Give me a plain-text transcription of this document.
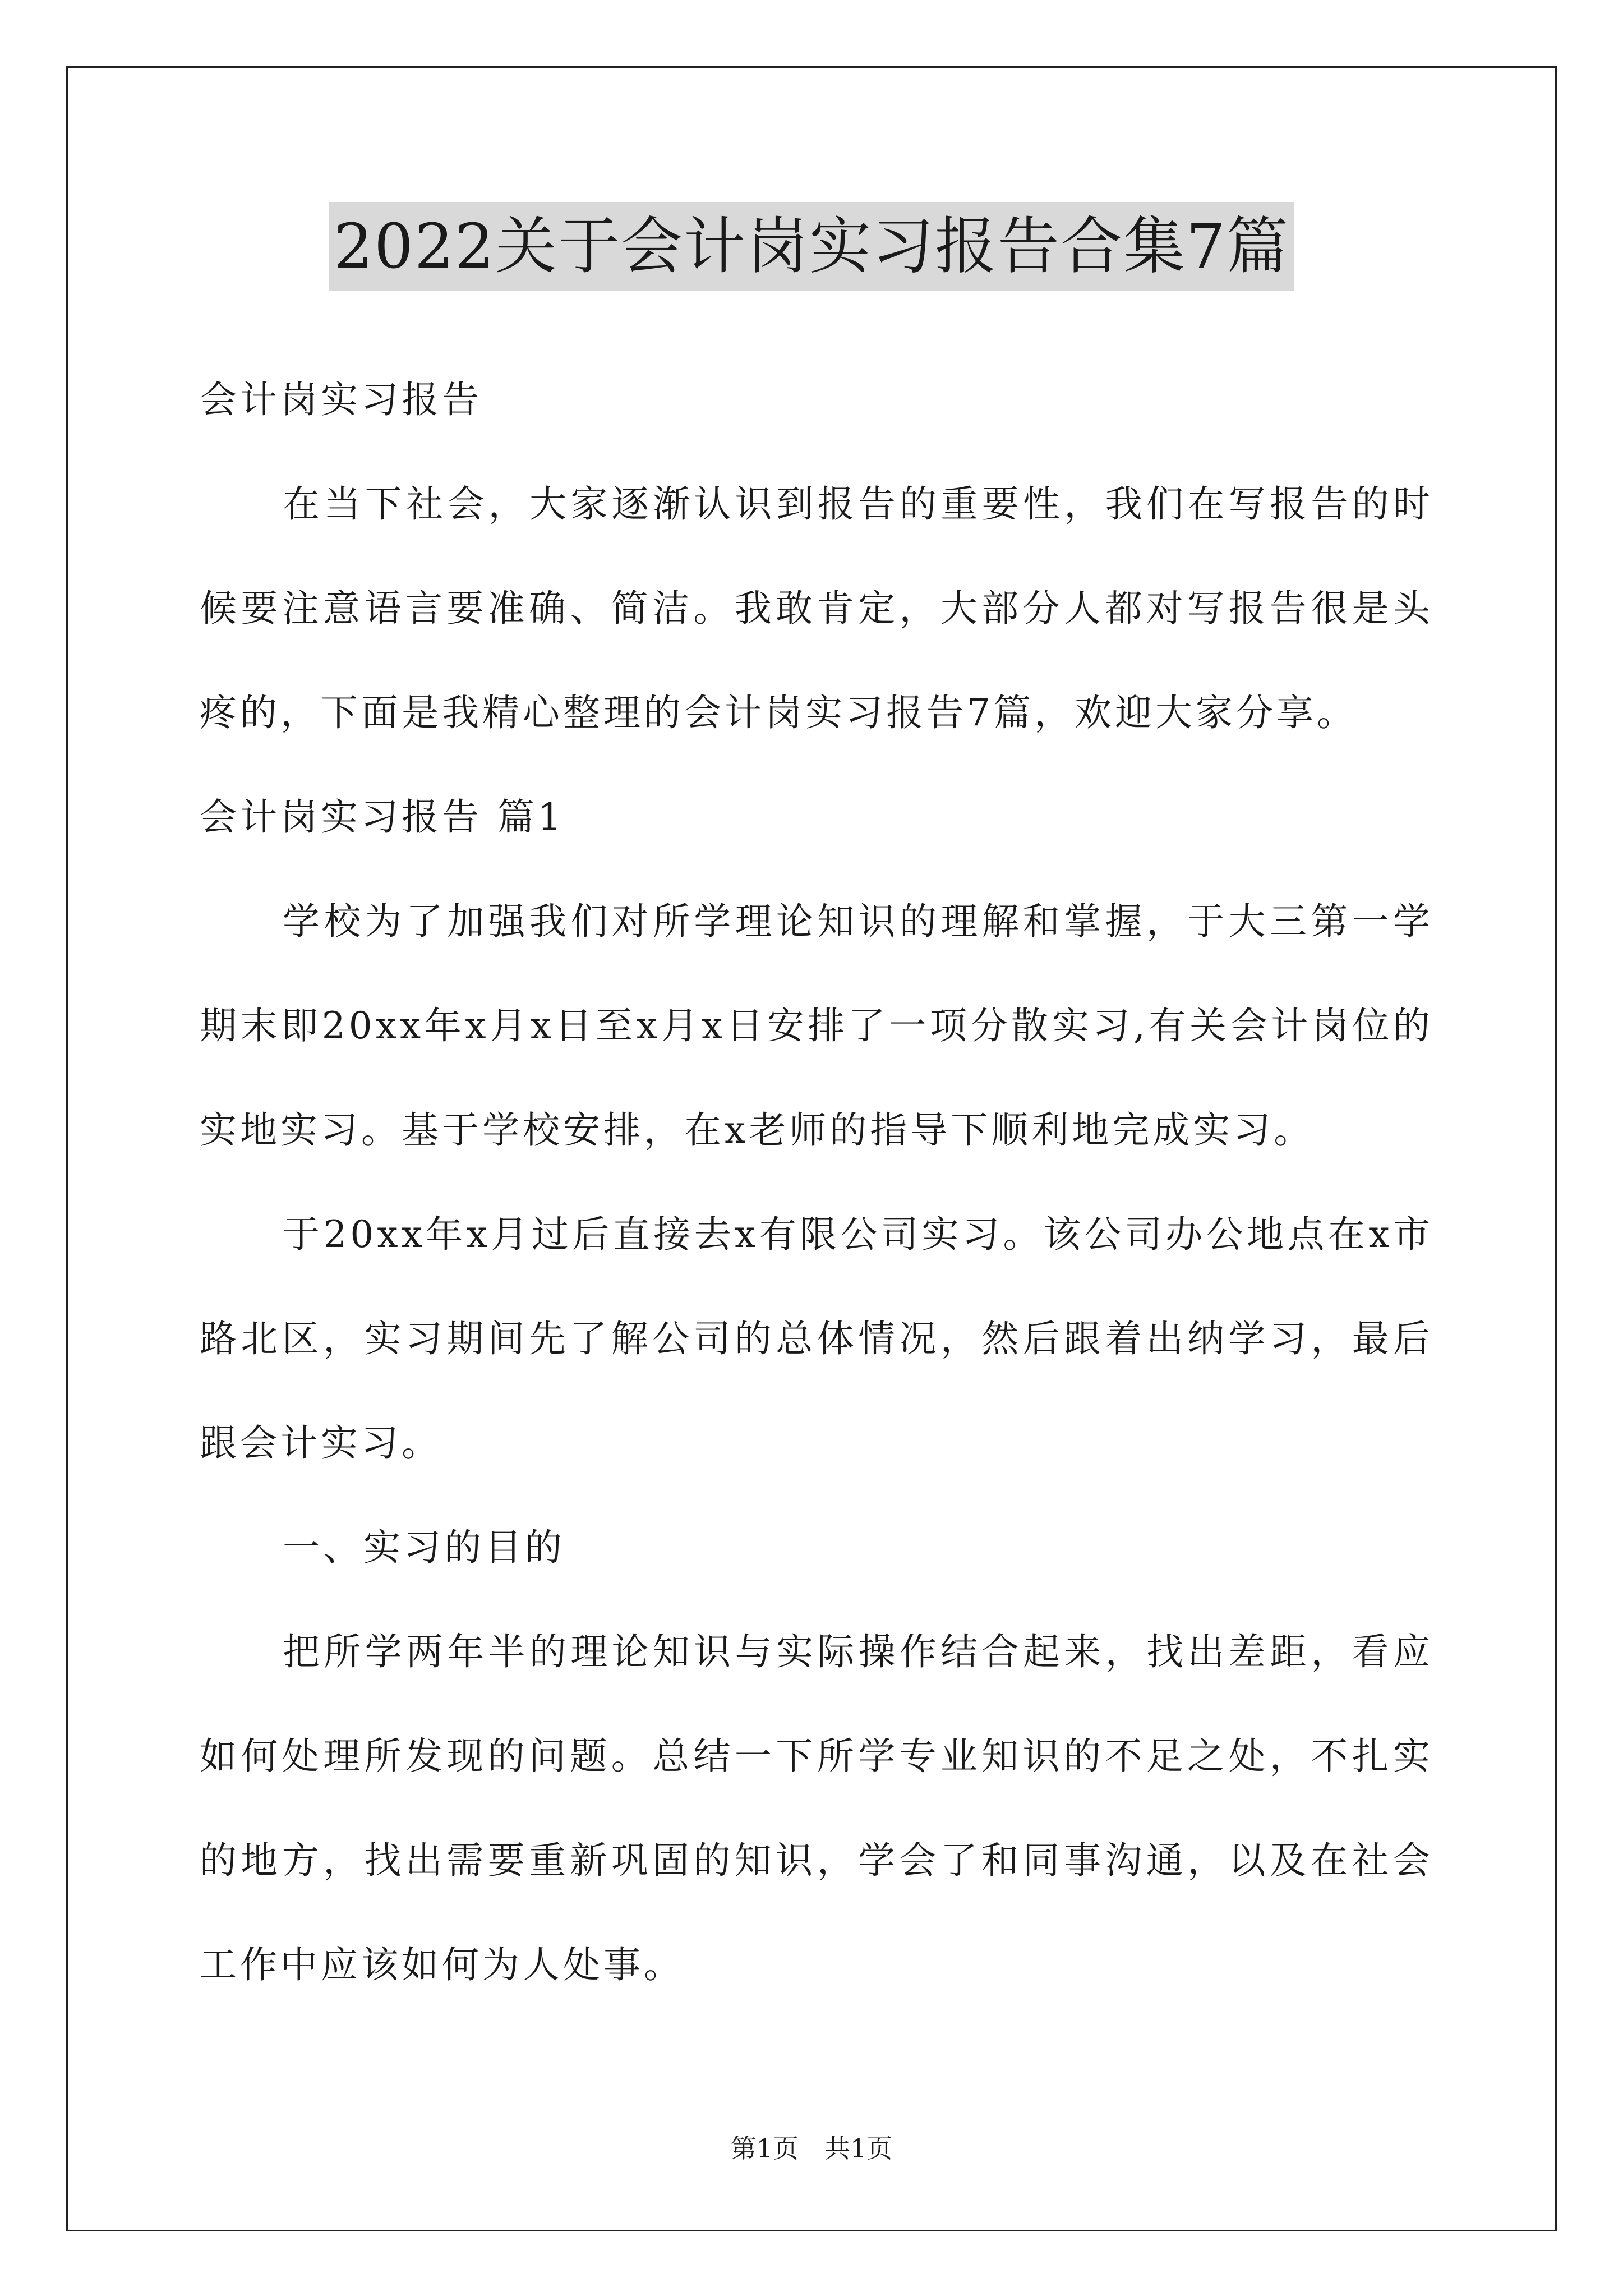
2022关于会计岗实习报告合集7篇

会计岗实习报告

在当下社会，大家逐渐认识到报告的重要性，我们在写报告的时候要注意语言要准确、简洁。我敢肯定，大部分人都对写报告很是头疼的，下面是我精心整理的会计岗实习报告7篇，欢迎大家分享。

会计岗实习报告 篇1

学校为了加强我们对所学理论知识的理解和掌握，于大三第一学期末即20xx年x月x日至x月x日安排了一项分散实习,有关会计岗位的实地实习。基于学校安排，在x老师的指导下顺利地完成实习。

于20xx年x月过后直接去x有限公司实习。该公司办公地点在x市路北区，实习期间先了解公司的总体情况，然后跟着出纳学习，最后跟会计实习。

一、实习的目的

把所学两年半的理论知识与实际操作结合起来，找出差距，看应如何处理所发现的问题。总结一下所学专业知识的不足之处，不扎实的地方，找出需要重新巩固的知识，学会了和同事沟通，以及在社会工作中应该如何为人处事。

第1页 共1页
